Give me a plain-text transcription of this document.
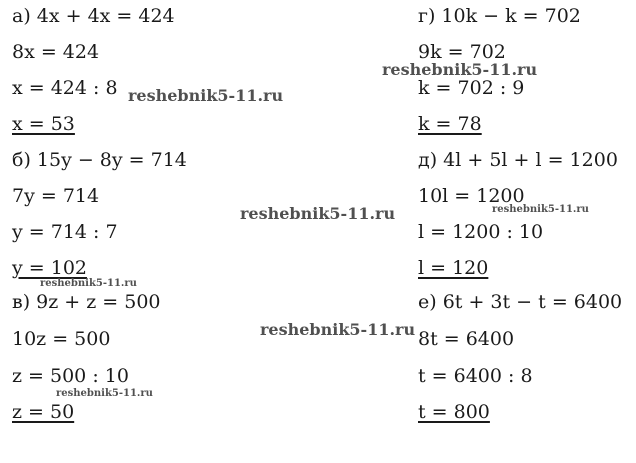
а) 4x + 4x = 424
8x = 424
x = 424 : 8
x = 53
б) 15y − 8y = 714
7y = 714
y = 714 : 7
y = 102
в) 9z + z = 500
10z = 500
z = 500 : 10
z = 50
г) 10k − k = 702
9k = 702
k = 702 : 9
k = 78
д) 4l + 5l + l = 1200
10l = 1200
l = 1200 : 10
l = 120
е) 6t + 3t − t = 6400
8t = 6400
t = 6400 : 8
t = 800
reshebnik5-11.ru
reshebnik5-11.ru
reshebnik5-11.ru	reshebnik5-11.ru
reshebnik5-11.ru
reshebnik5-11.ru
reshebnik5-11.ru
